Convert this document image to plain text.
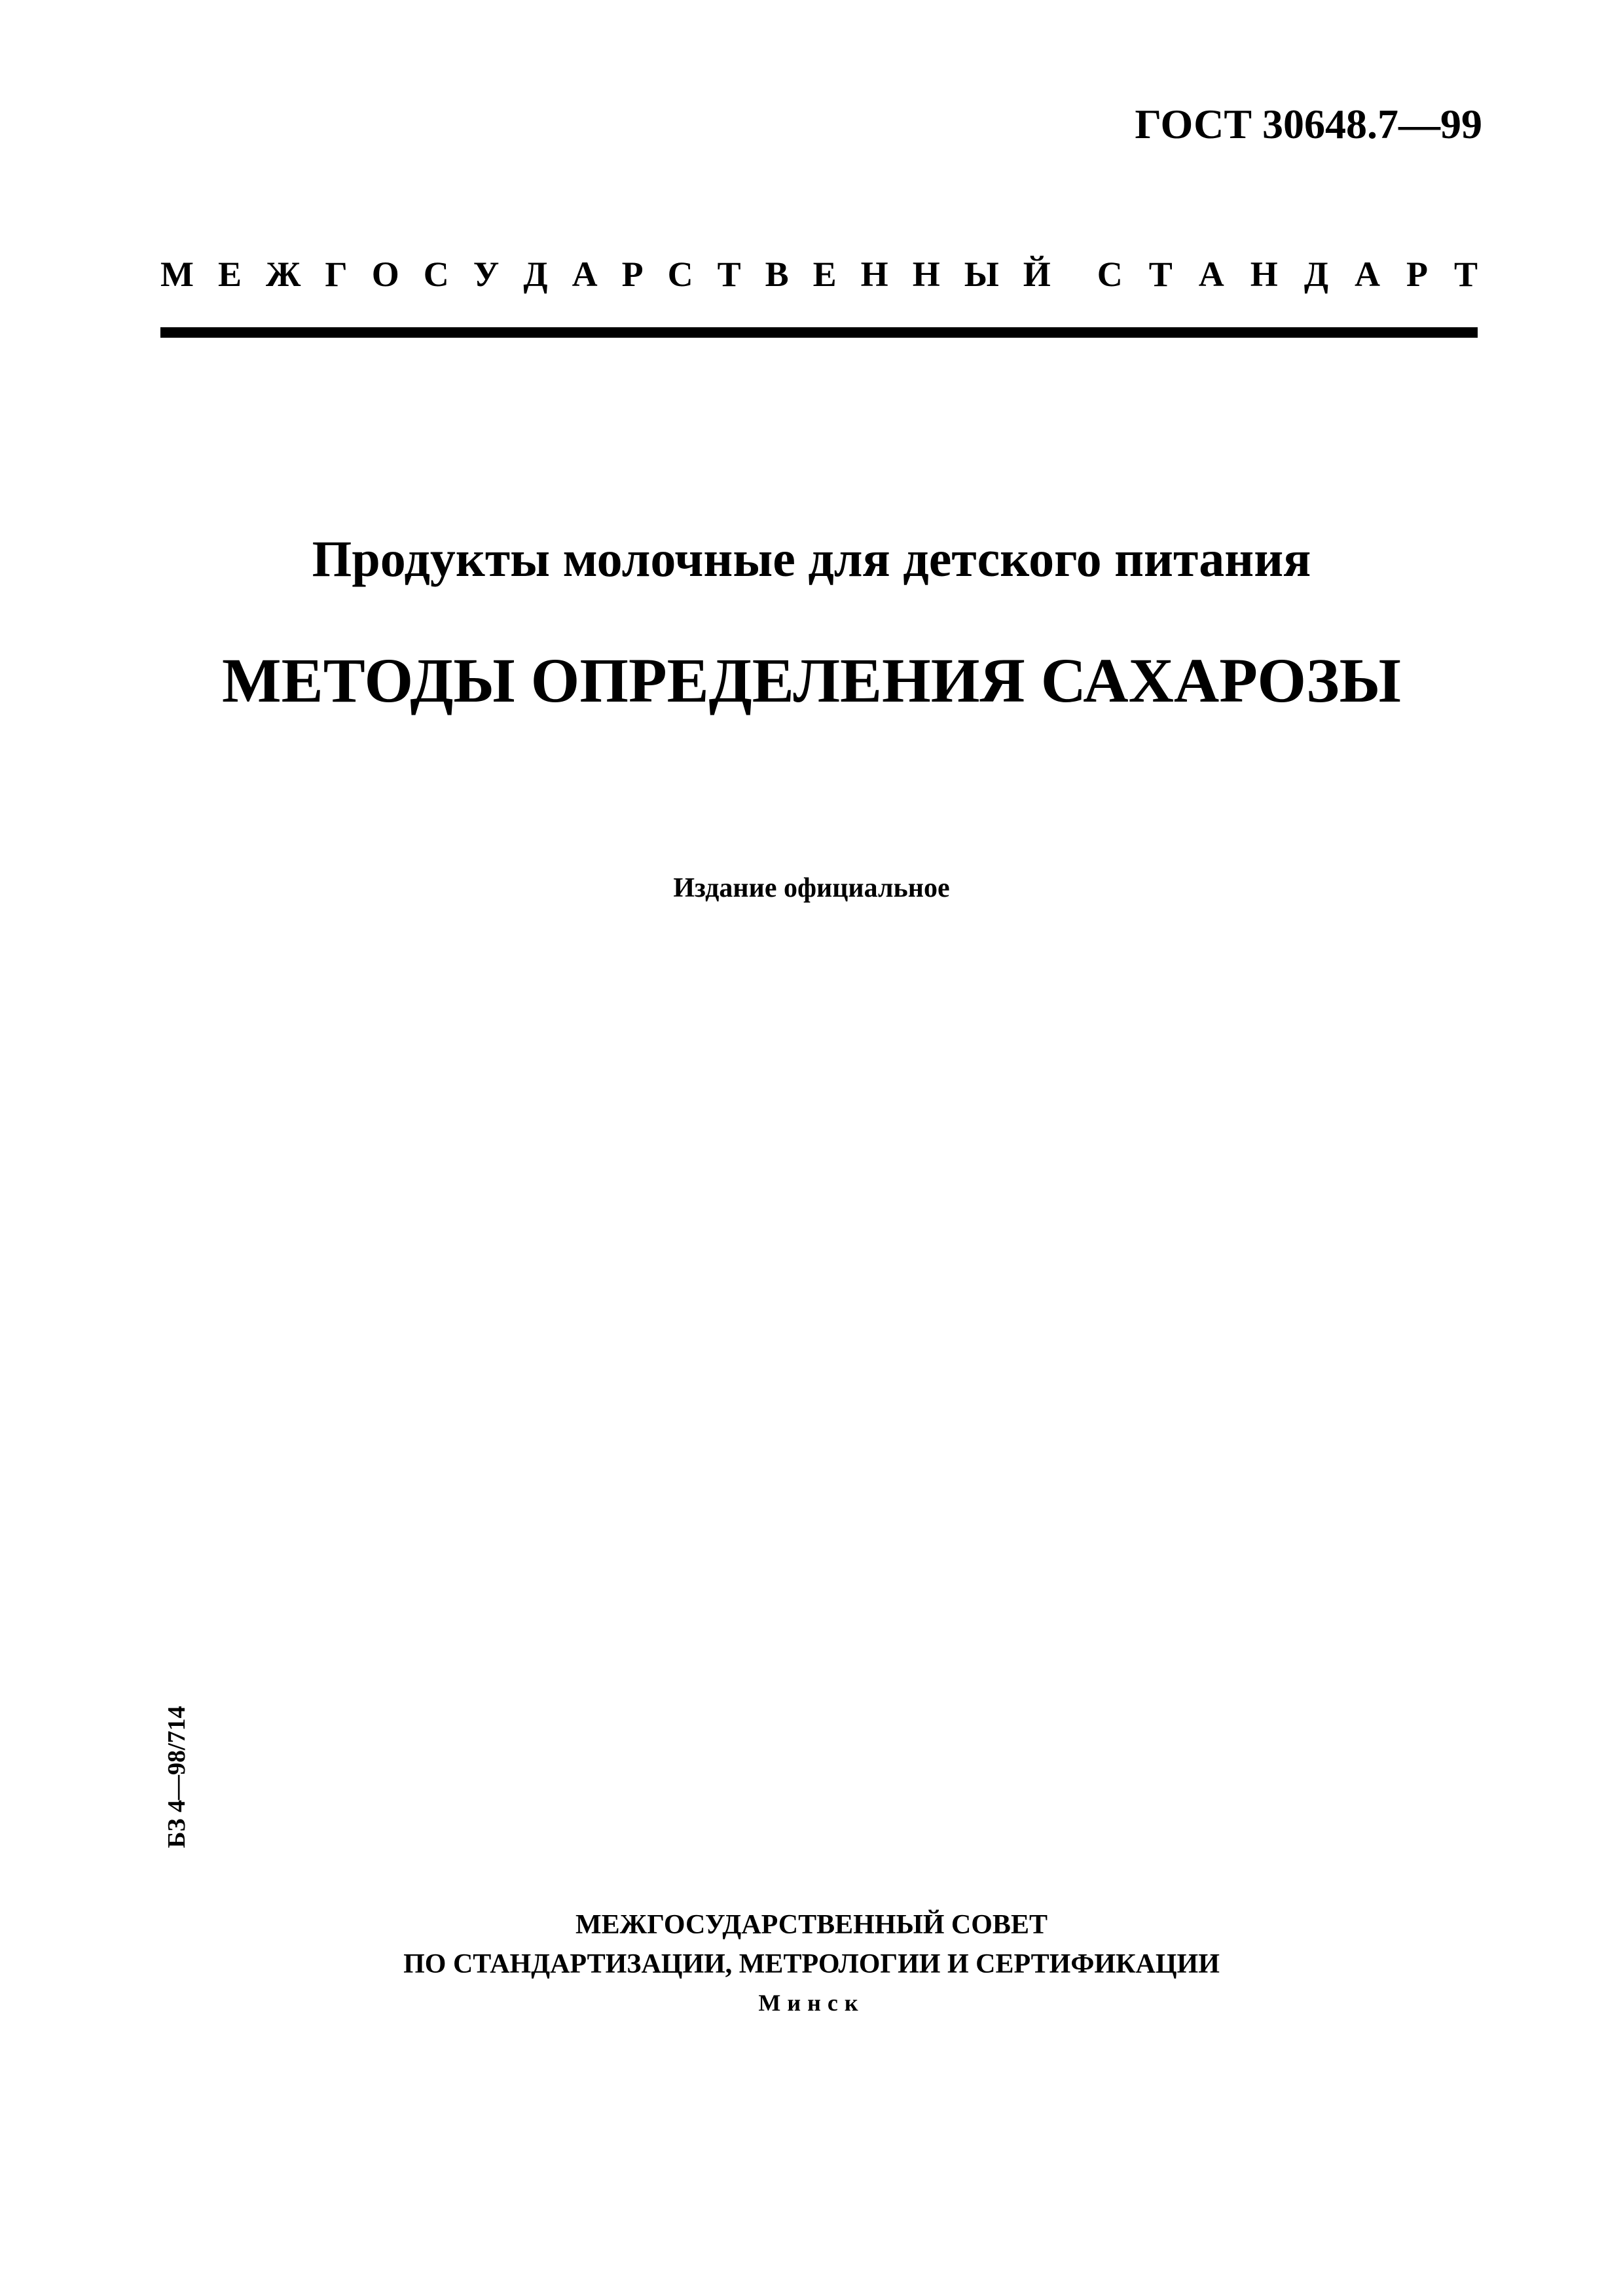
ГОСТ 30648.7—99
М Е Ж Г О С У Д А Р С Т В Е Н Н Ы Й С Т А Н Д А Р Т
Продукты молочные для детского питания
МЕТОДЫ ОПРЕДЕЛЕНИЯ САХАРОЗЫ
Издание официальное
БЗ 4—98/714
МЕЖГОСУДАРСТВЕННЫЙ СОВЕТ
ПО СТАНДАРТИЗАЦИИ, МЕТРОЛОГИИ И СЕРТИФИКАЦИИ
Минск
